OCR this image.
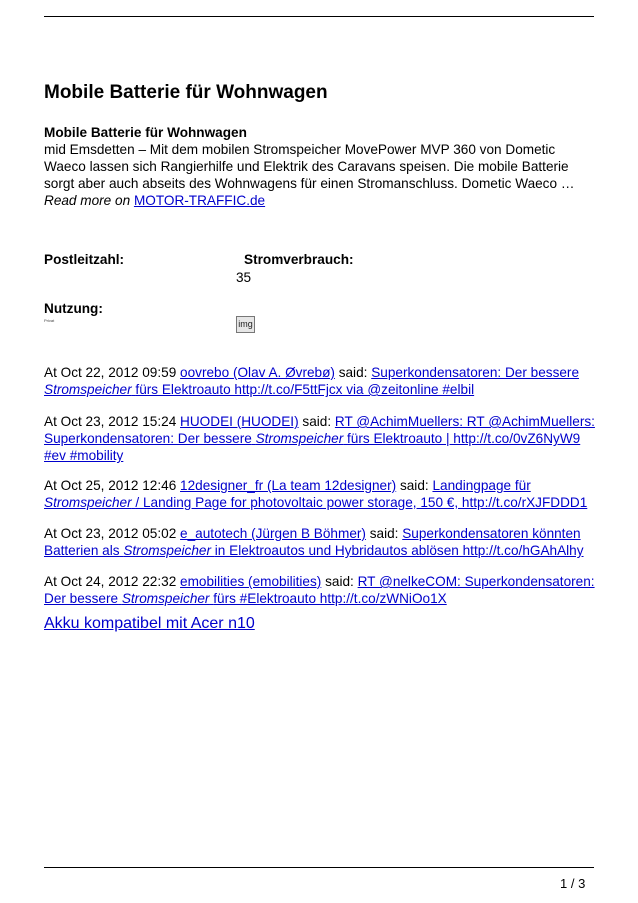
Mobile Batterie für Wohnwagen
Mobile Batterie für Wohnwagen
mid Emsdetten – Mit dem mobilen Stromspeicher MovePower MVP 360 von Dometic Waeco lassen sich Rangierhilfe und Elektrik des Caravans speisen. Die mobile Batterie sorgt aber auch abseits des Wohnwagens für einen Stromanschluss. Dometic Waeco …
Read more on MOTOR-TRAFFIC.de
Postleitzahl:	Stromverbrauch:
35
Nutzung:
Privat	img
At Oct 22, 2012 09:59 oovrebo (Olav A. Øvrebø) said: Superkondensatoren: Der bessere Stromspeicher fürs Elektroauto http://t.co/F5ttFjcx via @zeitonline #elbil
At Oct 23, 2012 15:24 HUODEI (HUODEI) said: RT @AchimMuellers: RT @AchimMuellers: Superkondensatoren: Der bessere Stromspeicher fürs Elektroauto | http://t.co/0vZ6NyW9 #ev #mobility
At Oct 25, 2012 12:46 12designer_fr (La team 12designer) said: Landingpage für Stromspeicher / Landing Page for photovoltaic power storage, 150 €, http://t.co/rXJFDDD1
At Oct 23, 2012 05:02 e_autotech (Jürgen B Böhmer) said: Superkondensatoren könnten Batterien als Stromspeicher in Elektroautos und Hybridautos ablösen http://t.co/hGAhAlhy
At Oct 24, 2012 22:32 emobilities (emobilities) said: RT @nelkeCOM: Superkondensatoren: Der bessere Stromspeicher fürs #Elektroauto http://t.co/zWNiOo1X
Akku kompatibel mit Acer n10
1 / 3
